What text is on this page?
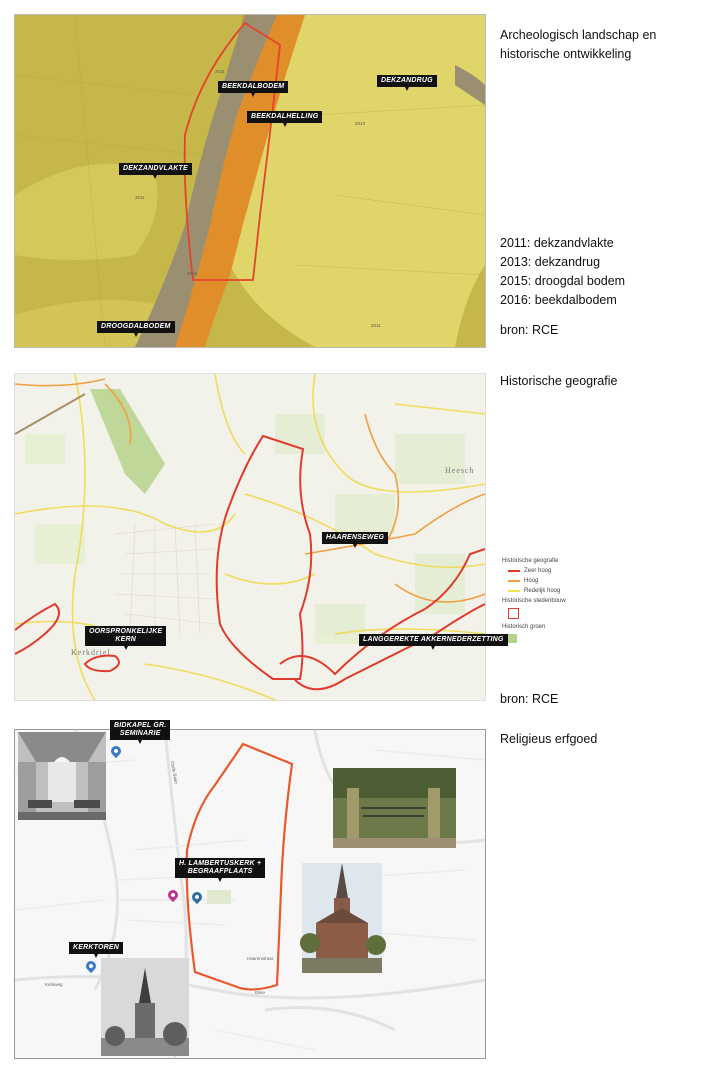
BEEKDALBODEM
DEKZANDRUG
BEEKDALHELLING
DEKZANDVLAKTE
DROOGDALBODEM
2011
2013
2016
2011
2011
Archeologisch landschap en
historische ontwikkeling
2011: dekzandvlakte
2013: dekzandrug
2015: droogdal bodem
2016: beekdalbodem
bron: RCE
Heesch
Kerkdriel
HAARENSEWEG
OORSPRONKELIJKE
KERN	LANGGEREKTE AKKERNEDERZETTING
Historische geografie
Historische geografie
Zeer hoog
Hoog
Redelijk hoog
Historische stedenbouw
Historisch groen
bron: RCE
Haarenstraat
Kerkweg
Oude Baan
Ekke
BIDKAPEL GR.
SEMINARIE
H. LAMBERTUSKERK +
BEGRAAFPLAATS
KERKTOREN
Religieus erfgoed
